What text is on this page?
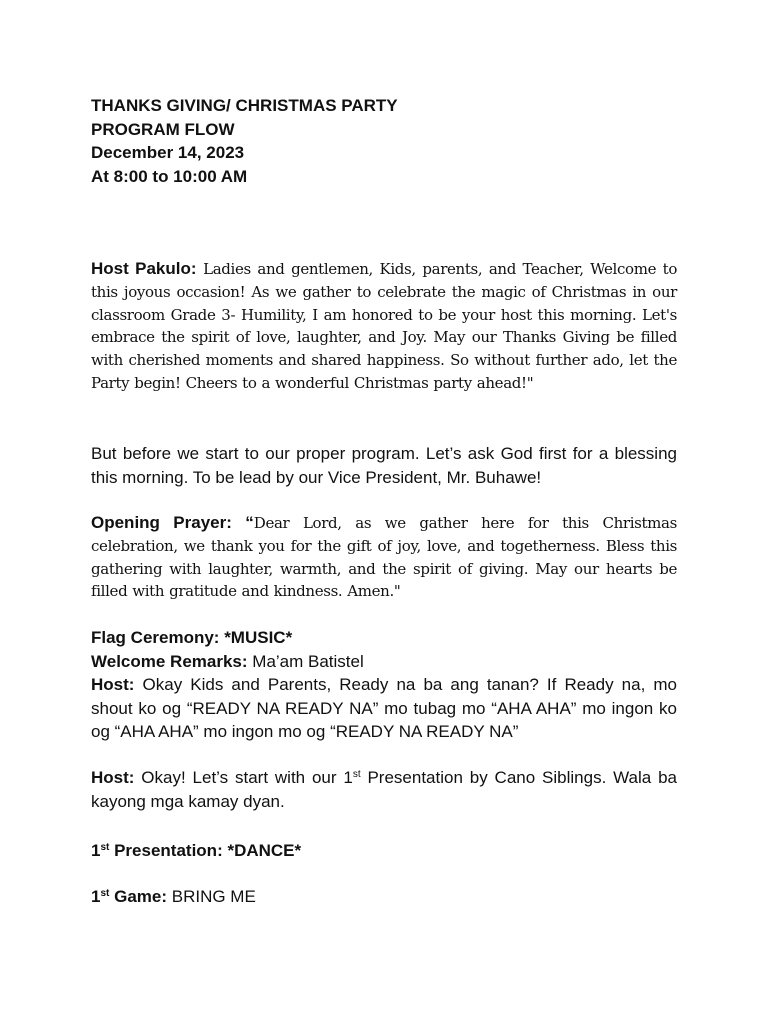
THANKS GIVING/ CHRISTMAS PARTY
PROGRAM FLOW
December 14, 2023
At 8:00 to 10:00 AM
Host Pakulo: Ladies and gentlemen, Kids, parents, and Teacher, Welcome to this joyous occasion! As we gather to celebrate the magic of Christmas in our classroom Grade 3- Humility, I am honored to be your host this morning. Let's embrace the spirit of love, laughter, and Joy. May our Thanks Giving be filled with cherished moments and shared happiness. So without further ado, let the Party begin! Cheers to a wonderful Christmas party ahead!"
But before we start to our proper program. Let’s ask God first for a blessing this morning. To be lead by our Vice President, Mr. Buhawe!
Opening Prayer: “Dear Lord, as we gather here for this Christmas celebration, we thank you for the gift of joy, love, and togetherness. Bless this gathering with laughter, warmth, and the spirit of giving. May our hearts be filled with gratitude and kindness. Amen."
Flag Ceremony: *MUSIC*
Welcome Remarks: Ma’am Batistel
Host: Okay Kids and Parents, Ready na ba ang tanan? If Ready na, mo shout ko og “READY NA READY NA” mo tubag mo “AHA AHA” mo ingon ko og “AHA AHA” mo ingon mo og “READY NA READY NA”
Host: Okay! Let’s start with our 1st Presentation by Cano Siblings. Wala ba kayong mga kamay dyan.
1st Presentation: *DANCE*
1st Game: BRING ME
